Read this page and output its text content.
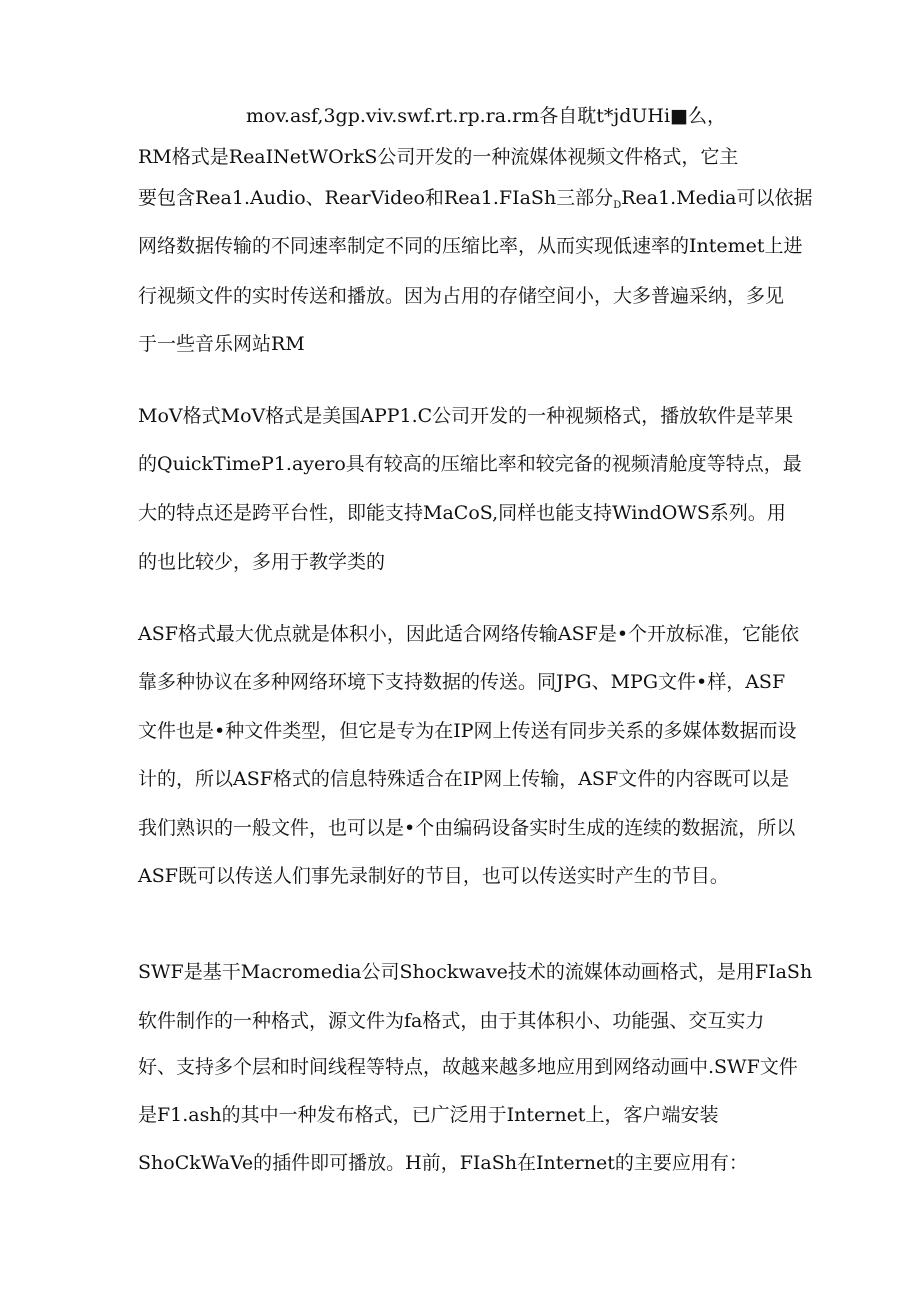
mov.asf,3gp.viv.swf.rt.rp.ra.rm各自耽t*jdUHi■么，
RM格式是ReaINetWOrkS公司开发的一种流媒体视频文件格式，它主
要包含Rea1.Audio、RearVideo和Rea1.FIaSh三部分$_D$Rea1.Media可以依据
网络数据传输的不同速率制定不同的压缩比率，从而实现低速率的Intemet上进
行视频文件的实时传送和播放。因为占用的存储空间小，大多普遍采纳，多见
于一些音乐网站RM
MoV格式MoV格式是美国APP1.C公司开发的一种视频格式，播放软件是苹果
的QuickTimeP1.ayero具有较高的压缩比率和较完备的视频清舱度等特点，最
大的特点还是跨平台性，即能支持MaCoS,同样也能支持WindOWS系列。用
的也比较少，多用于教学类的
ASF格式最大优点就是体积小，因此适合网络传输ASF是•个开放标准，它能依
靠多种协议在多种网络环境下支持数据的传送。同JPG、MPG文件•样，ASF
文件也是•种文件类型，但它是专为在IP网上传送有同步关系的多媒体数据而设
计的，所以ASF格式的信息特殊适合在IP网上传输，ASF文件的内容既可以是
我们熟识的一般文件，也可以是•个由编码设备实时生成的连续的数据流，所以
ASF既可以传送人们事先录制好的节目，也可以传送实时产生的节目。
SWF是基干Macromedia公司Shockwave技术的流媒体动画格式，是用FIaSh
软件制作的一种格式，源文件为fa格式，由于其体积小、功能强、交互实力
好、支持多个层和时间线程等特点，故越来越多地应用到网络动画中.SWF文件
是F1.ash的其中一种发布格式，已广泛用于Internet上，客户端安装
ShoCkWaVe的插件即可播放。H前，FIaSh在Internet的主要应用有：
